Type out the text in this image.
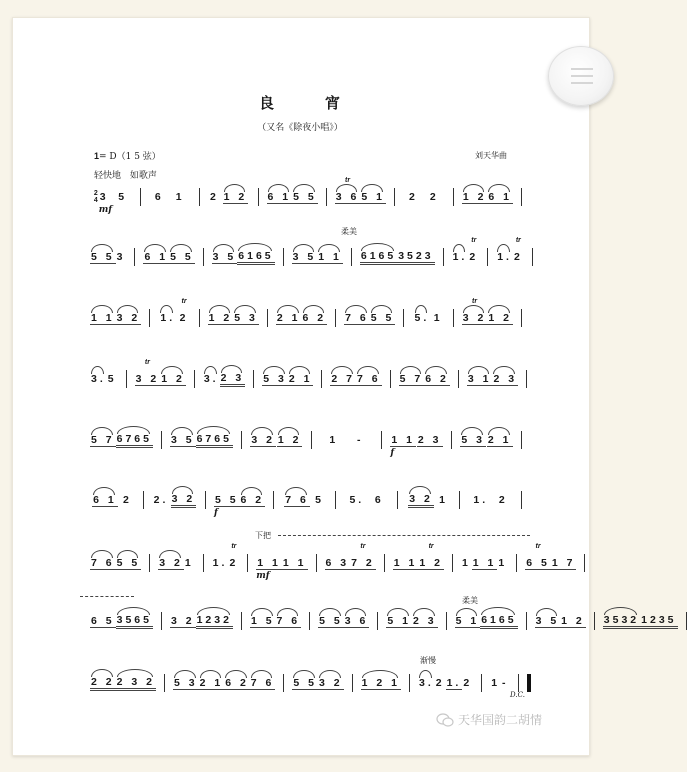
良	宵
（又名《除夜小唱》）
1= D（1 5 弦）	刘天华曲
轻快地 如歌声
2
4 3
mf
5	6 1 2 1 2 6 1 5 5 3 6
tr
5 1 2 2 1 2 6 1
5 5 3 6 1 5 5 3 5 6165 3 5 1 1 6165 3523 1. 2
tr
1. 2
tr
1 1 3 2 1. 2
tr
1 2 5 3 2 1 6 2 7 6 5 5 5. 1 3 2
tr
1 2
3. 5 3 2
tr
1 2 3. 2 3 5 3 2 1 2 7 7 6 5 7 6 2 3 1 2 3
5 7 6765 3 5 6765 3 2 1 2	1 -	1 1
f
2 3 5 3 2 1
6 1 2 2. 3 2 5 5
f
6 2 7 6 5 5. 6 3 2 1 1. 2
7 6 5 5 3 2 1 1. 2
tr
1 1
mf
1 1 6 3 7 2
tr
1 1 1 2
tr
1 1 1 1 6 5
tr
1 7
6 5 3565 3 2 1232 1 5 7 6 5 5 3 6 5 1 2 3 5 1 6165 3 5 1 2 3532 1235
2 2 2 3 2 5 3 2 1 6 2 7 6 5 5 3 2 1 2 1 3. 2 1. 2 1 -
柔美
下把
柔美
渐慢
D.C.
天华国韵二胡情
